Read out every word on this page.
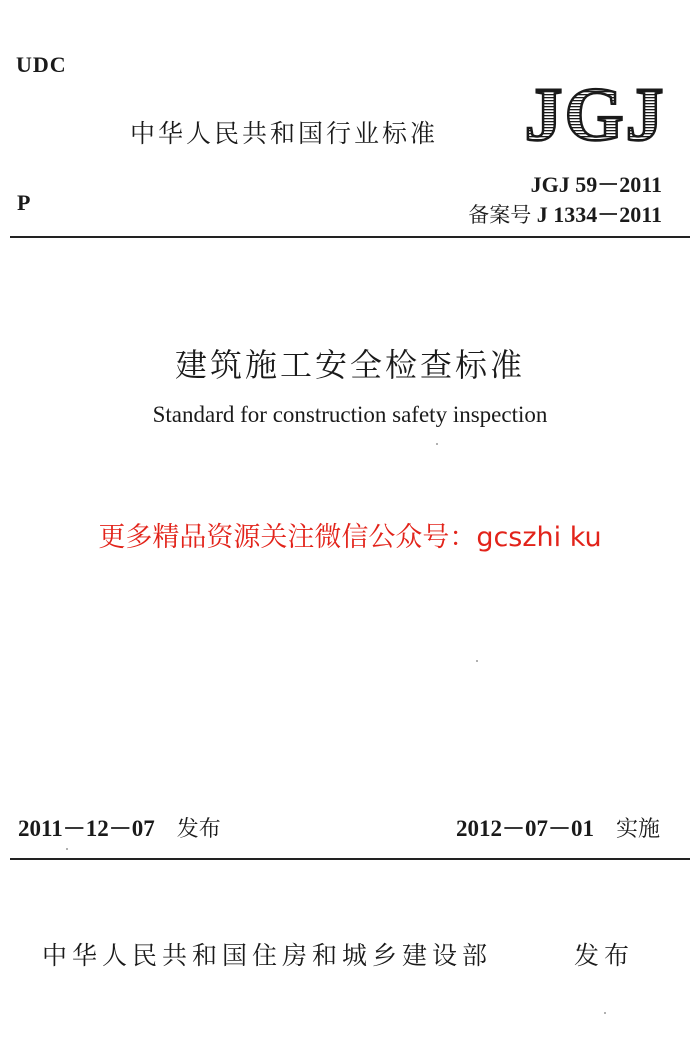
UDC
中华人民共和国行业标准 JGJ
P
JGJ 59－2011
备案号 J 1334－2011
建筑施工安全检查标准
Standard for construction safety inspection
更多精品资源关注微信公众号：gcszhi ku
2011－12－07 发布	2012－07－01 实施
中华人民共和国住房和城乡建设部	发布
